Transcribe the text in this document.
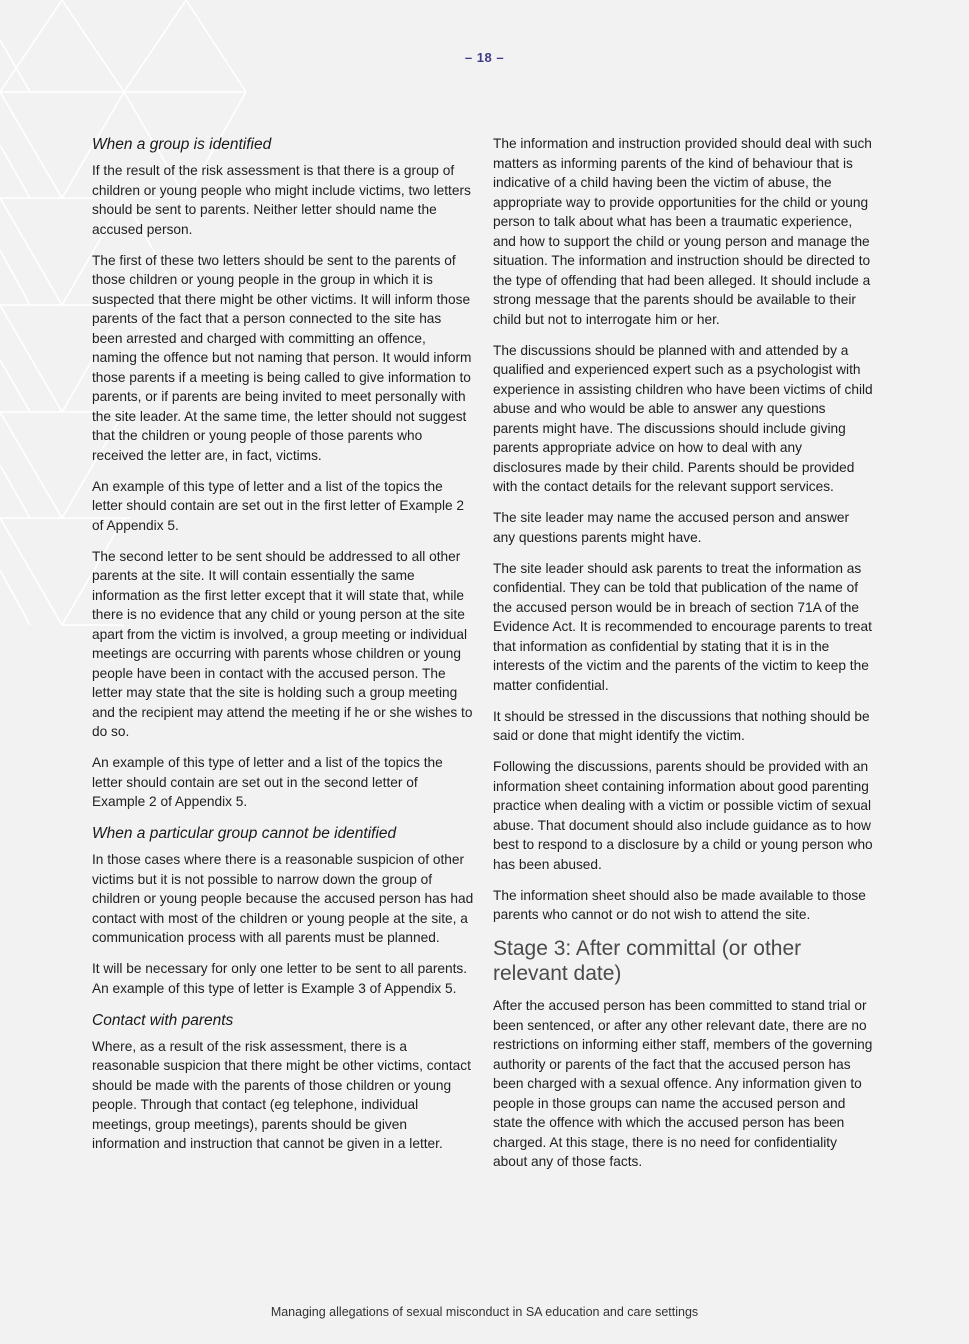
– 18 –
When a group is identified

If the result of the risk assessment is that there is a group of children or young people who might include victims, two letters should be sent to parents. Neither letter should name the accused person.

The first of these two letters should be sent to the parents of those children or young people in the group in which it is suspected that there might be other victims. It will inform those parents of the fact that a person connected to the site has been arrested and charged with committing an offence, naming the offence but not naming that person. It would inform those parents if a meeting is being called to give information to parents, or if parents are being invited to meet personally with the site leader. At the same time, the letter should not suggest that the children or young people of those parents who received the letter are, in fact, victims.

An example of this type of letter and a list of the topics the letter should contain are set out in the first letter of Example 2 of Appendix 5.

The second letter to be sent should be addressed to all other parents at the site. It will contain essentially the same information as the first letter except that it will state that, while there is no evidence that any child or young person at the site apart from the victim is involved, a group meeting or individual meetings are occurring with parents whose children or young people have been in contact with the accused person. The letter may state that the site is holding such a group meeting and the recipient may attend the meeting if he or she wishes to do so.

An example of this type of letter and a list of the topics the letter should contain are set out in the second letter of Example 2 of Appendix 5.

When a particular group cannot be identified

In those cases where there is a reasonable suspicion of other victims but it is not possible to narrow down the group of children or young people because the accused person has had contact with most of the children or young people at the site, a communication process with all parents must be planned.

It will be necessary for only one letter to be sent to all parents. An example of this type of letter is Example 3 of Appendix 5.

Contact with parents

Where, as a result of the risk assessment, there is a reasonable suspicion that there might be other victims, contact should be made with the parents of those children or young people. Through that contact (eg telephone, individual meetings, group meetings), parents should be given information and instruction that cannot be given in a letter.

The information and instruction provided should deal with such matters as informing parents of the kind of behaviour that is indicative of a child having been the victim of abuse, the appropriate way to provide opportunities for the child or young person to talk about what has been a traumatic experience, and how to support the child or young person and manage the situation. The information and instruction should be directed to the type of offending that had been alleged. It should include a strong message that the parents should be available to their child but not to interrogate him or her.

The discussions should be planned with and attended by a qualified and experienced expert such as a psychologist with experience in assisting children who have been victims of child abuse and who would be able to answer any questions parents might have. The discussions should include giving parents appropriate advice on how to deal with any disclosures made by their child. Parents should be provided with the contact details for the relevant support services.

The site leader may name the accused person and answer any questions parents might have.

The site leader should ask parents to treat the information as confidential. They can be told that publication of the name of the accused person would be in breach of section 71A of the Evidence Act. It is recommended to encourage parents to treat that information as confidential by stating that it is in the interests of the victim and the parents of the victim to keep the matter confidential.

It should be stressed in the discussions that nothing should be said or done that might identify the victim.

Following the discussions, parents should be provided with an information sheet containing information about good parenting practice when dealing with a victim or possible victim of sexual abuse. That document should also include guidance as to how best to respond to a disclosure by a child or young person who has been abused.

The information sheet should also be made available to those parents who cannot or do not wish to attend the site.

Stage 3: After committal (or other relevant date)

After the accused person has been committed to stand trial or been sentenced, or after any other relevant date, there are no restrictions on informing either staff, members of the governing authority or parents of the fact that the accused person has been charged with a sexual offence. Any information given to people in those groups can name the accused person and state the offence with which the accused person has been charged. At this stage, there is no need for confidentiality about any of those facts.

Managing allegations of sexual misconduct in SA education and care settings
